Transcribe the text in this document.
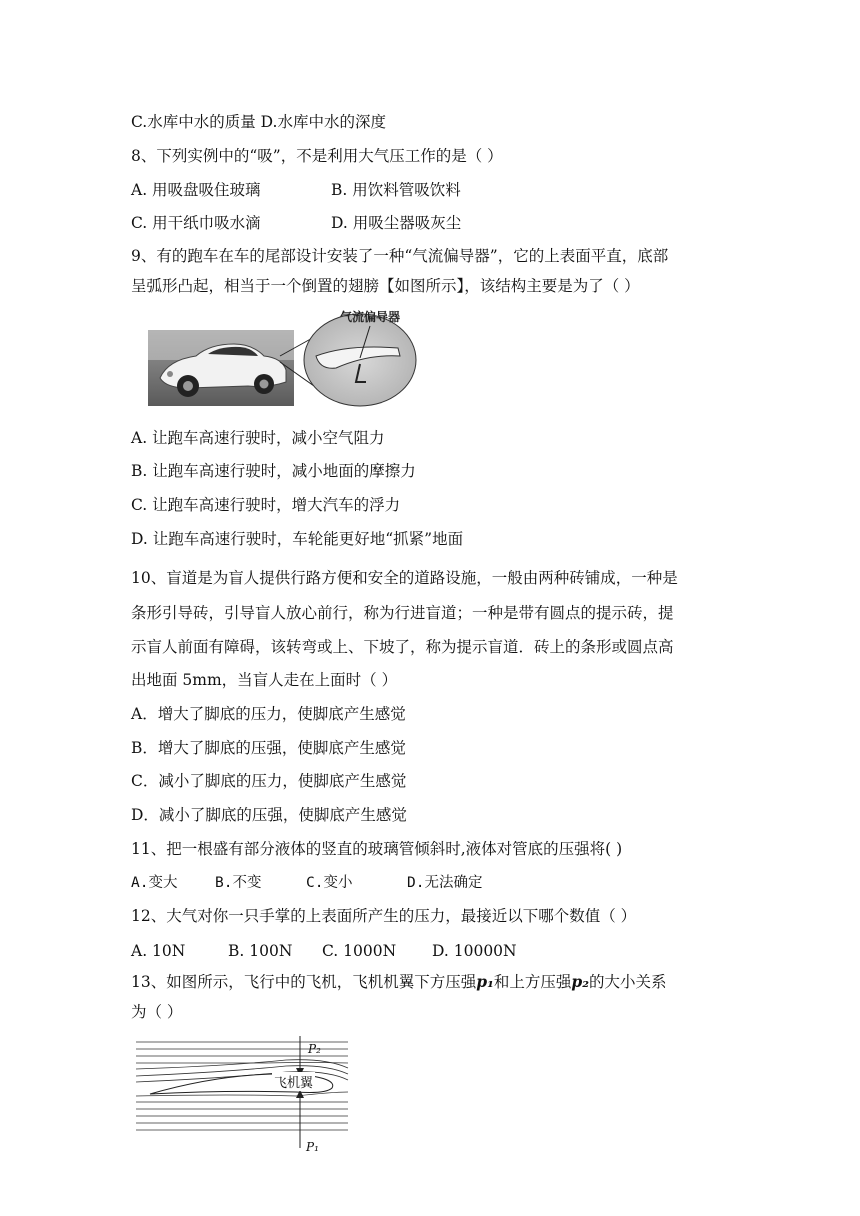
C.水库中水的质量 D.水库中水的深度
8、下列实例中的“吸”，不是利用大气压工作的是（ ）
A. 用吸盘吸住玻璃	B. 用饮料管吸饮料
C. 用干纸巾吸水滴	D. 用吸尘器吸灰尘
9、有的跑车在车的尾部设计安装了一种“气流偏导器”，它的上表面平直，底部
呈弧形凸起，相当于一个倒置的翅膀【如图所示】，该结构主要是为了（ ）
气流偏导器
A. 让跑车高速行驶时，减小空气阻力
B. 让跑车高速行驶时，减小地面的摩擦力
C. 让跑车高速行驶时，增大汽车的浮力
D. 让跑车高速行驶时，车轮能更好地“抓紧”地面
10、盲道是为盲人提供行路方便和安全的道路设施，一般由两种砖铺成，一种是
条形引导砖，引导盲人放心前行，称为行进盲道；一种是带有圆点的提示砖，提
示盲人前面有障碍，该转弯或上、下坡了，称为提示盲道．砖上的条形或圆点高
出地面 5mm，当盲人走在上面时（ ）
A．增大了脚底的压力，使脚底产生感觉
B．增大了脚底的压强，使脚底产生感觉
C．减小了脚底的压力，使脚底产生感觉
D．减小了脚底的压强，使脚底产生感觉
11、把一根盛有部分液体的竖直的玻璃管倾斜时,液体对管底的压强将( )
A.变大	B.不变	C.变小	D.无法确定
12、大气对你一只手掌的上表面所产生的压力，最接近以下哪个数值（ ）
A. 10N	B. 100N C. 1000N D. 10000N
13、如图所示，飞行中的飞机，飞机机翼下方压强p₁和上方压强p₂的大小关系
为（ ）
飞机翼
P₂
P₁
